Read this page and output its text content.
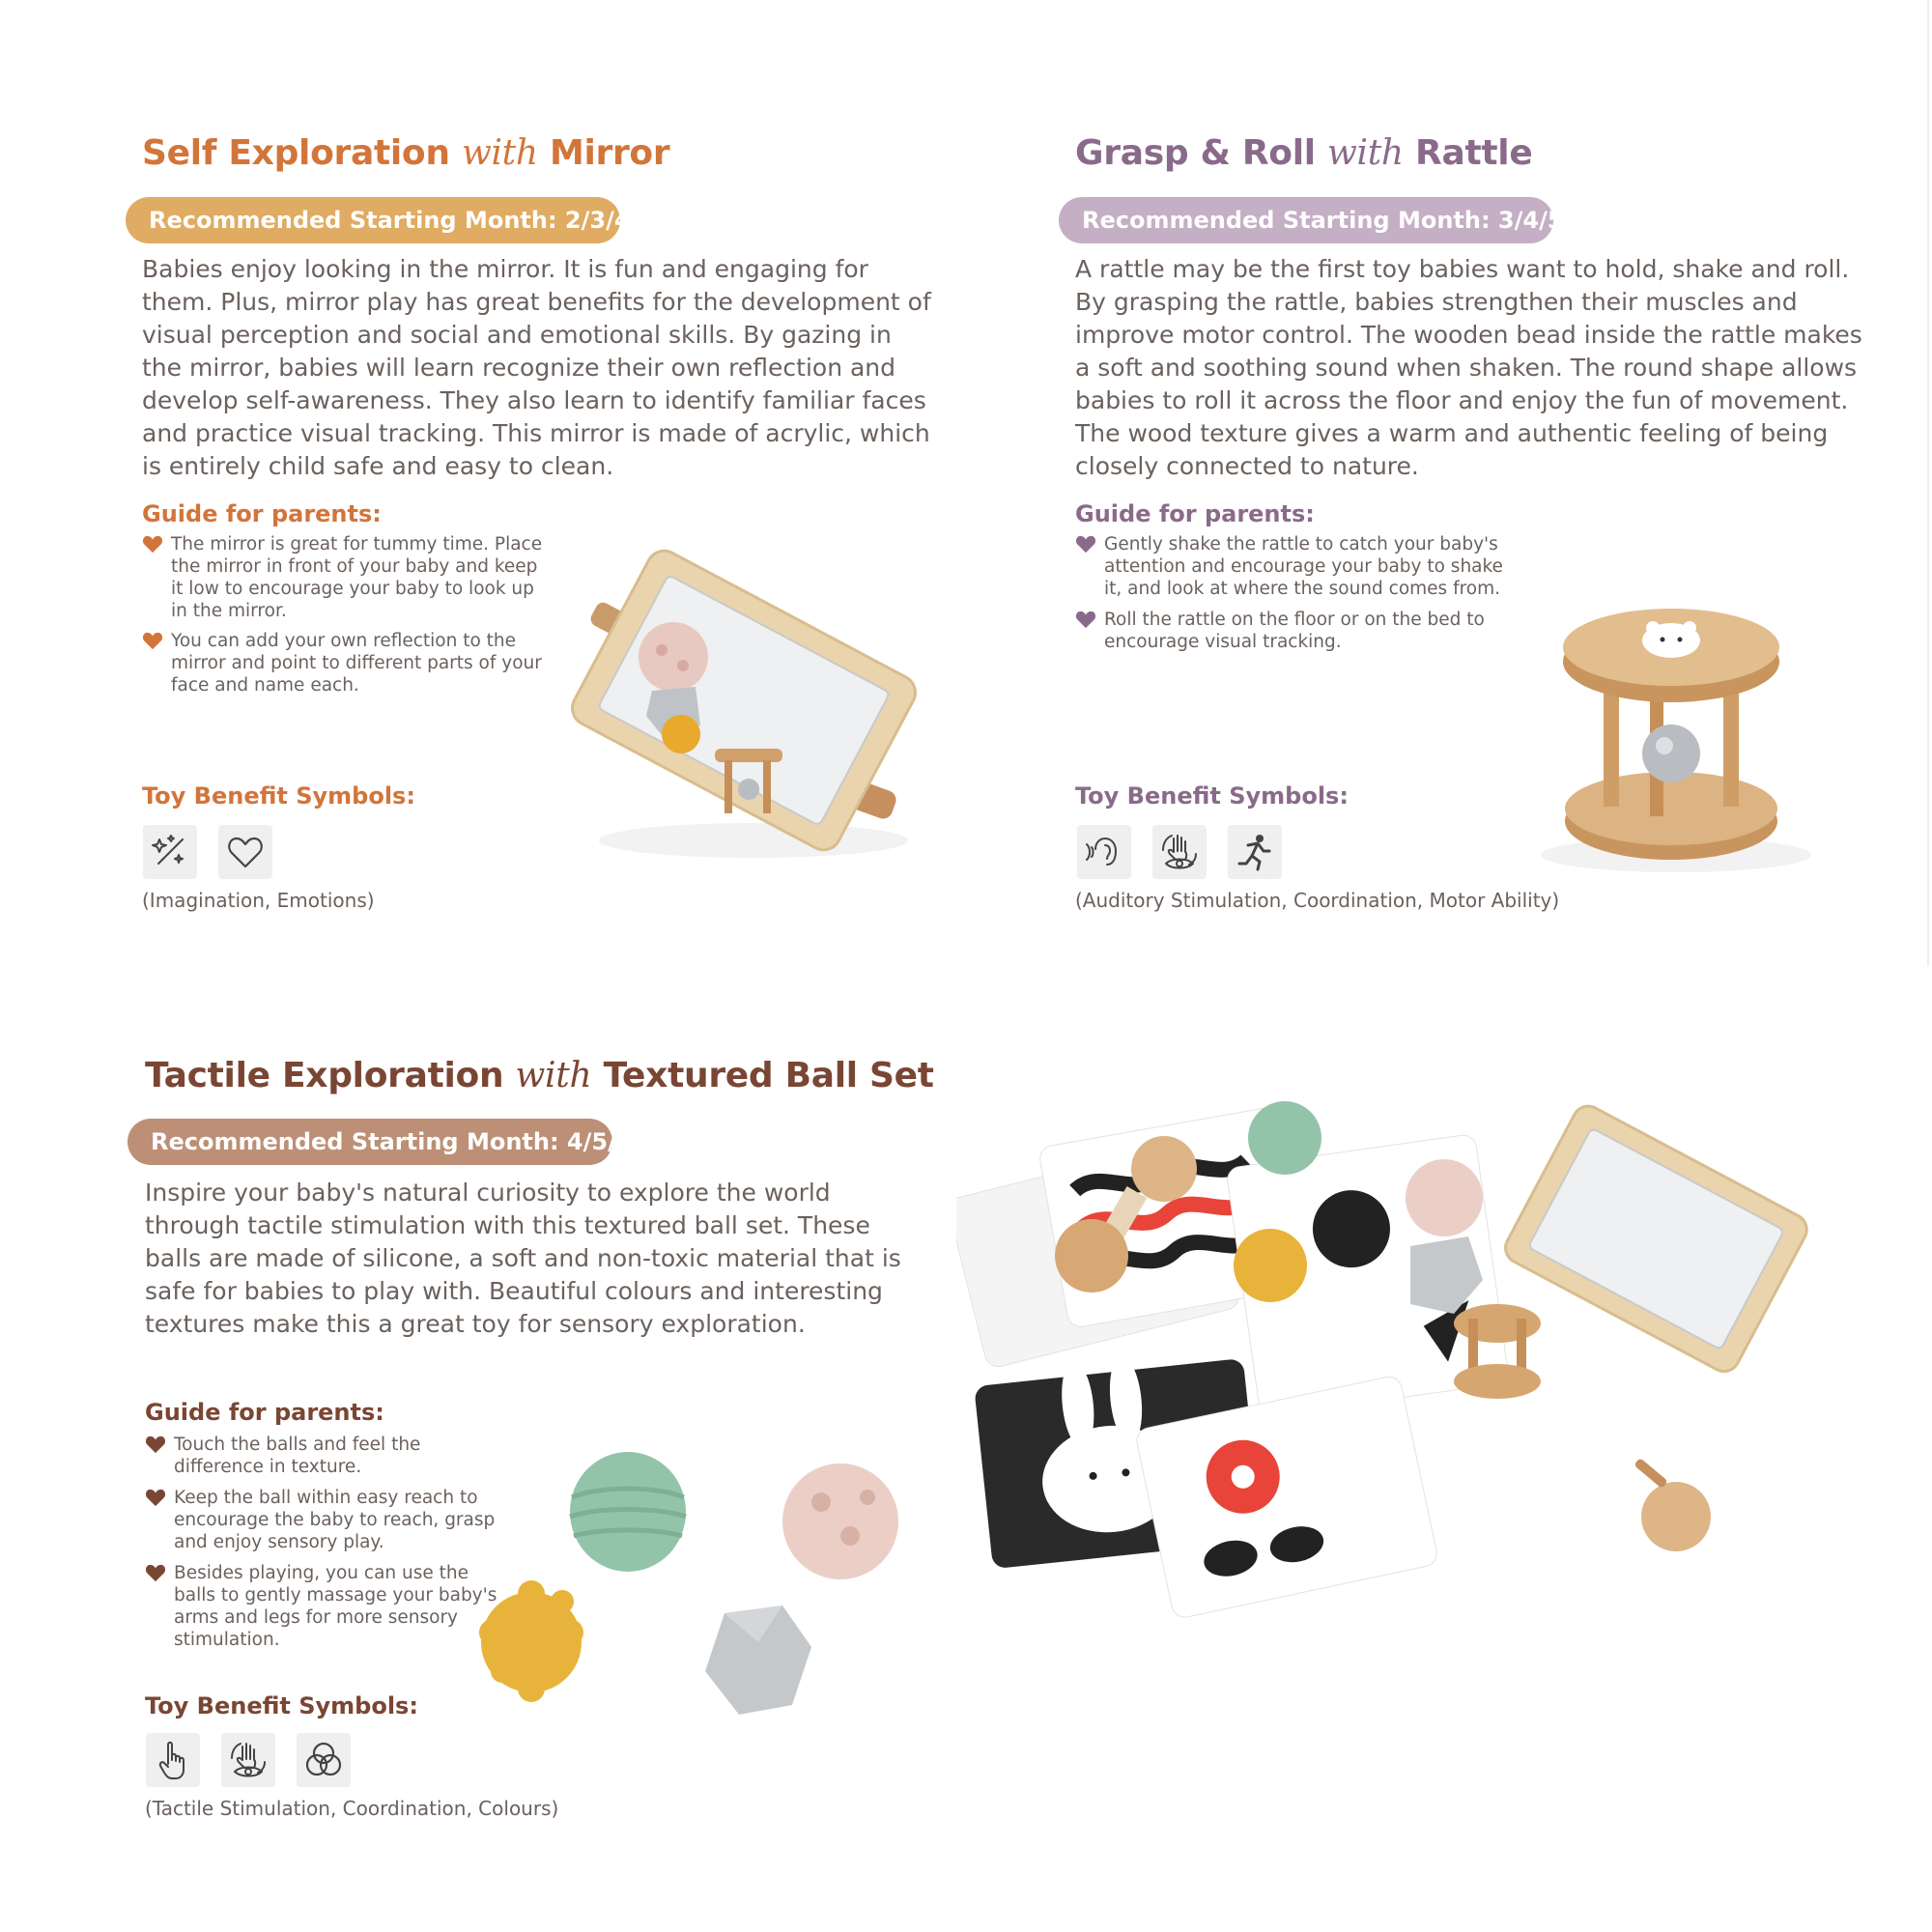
Self Exploration with Mirror
Recommended Starting Month: 2/3/4
Babies enjoy looking in the mirror. It is fun and engaging for them. Plus, mirror play has great benefits for the development of visual perception and social and emotional skills. By gazing in the mirror, babies will learn recognize their own reflection and develop self-awareness. They also learn to identify familiar faces and practice visual tracking. This mirror is made of acrylic, which is entirely child safe and easy to clean.
Guide for parents:
The mirror is great for tummy time. Place the mirror in front of your baby and keep it low to encourage your baby to look up in the mirror.
You can add your own reflection to the mirror and point to different parts of your face and name each.
Toy Benefit Symbols:
(Imagination, Emotions)
Grasp & Roll with Rattle
Recommended Starting Month: 3/4/5
A rattle may be the first toy babies want to hold, shake and roll. By grasping the rattle, babies strengthen their muscles and improve motor control. The wooden bead inside the rattle makes a soft and soothing sound when shaken. The round shape allows babies to roll it across the floor and enjoy the fun of movement. The wood texture gives a warm and authentic feeling of being closely connected to nature.
Guide for parents:
Gently shake the rattle to catch your baby's attention and encourage your baby to shake it, and look at where the sound comes from.
Roll the rattle on the floor or on the bed to encourage visual tracking.
Toy Benefit Symbols:
(Auditory Stimulation, Coordination, Motor Ability)
Tactile Exploration with Textured Ball Set
Recommended Starting Month: 4/5/6
Inspire your baby's natural curiosity to explore the world through tactile stimulation with this textured ball set. These balls are made of silicone, a soft and non-toxic material that is safe for babies to play with. Beautiful colours and interesting textures make this a great toy for sensory exploration.
Guide for parents:
Touch the balls and feel the difference in texture.
Keep the ball within easy reach to encourage the baby to reach, grasp and enjoy sensory play.
Besides playing, you can use the balls to gently massage your baby's arms and legs for more sensory stimulation.
Toy Benefit Symbols:
(Tactile Stimulation, Coordination, Colours)
